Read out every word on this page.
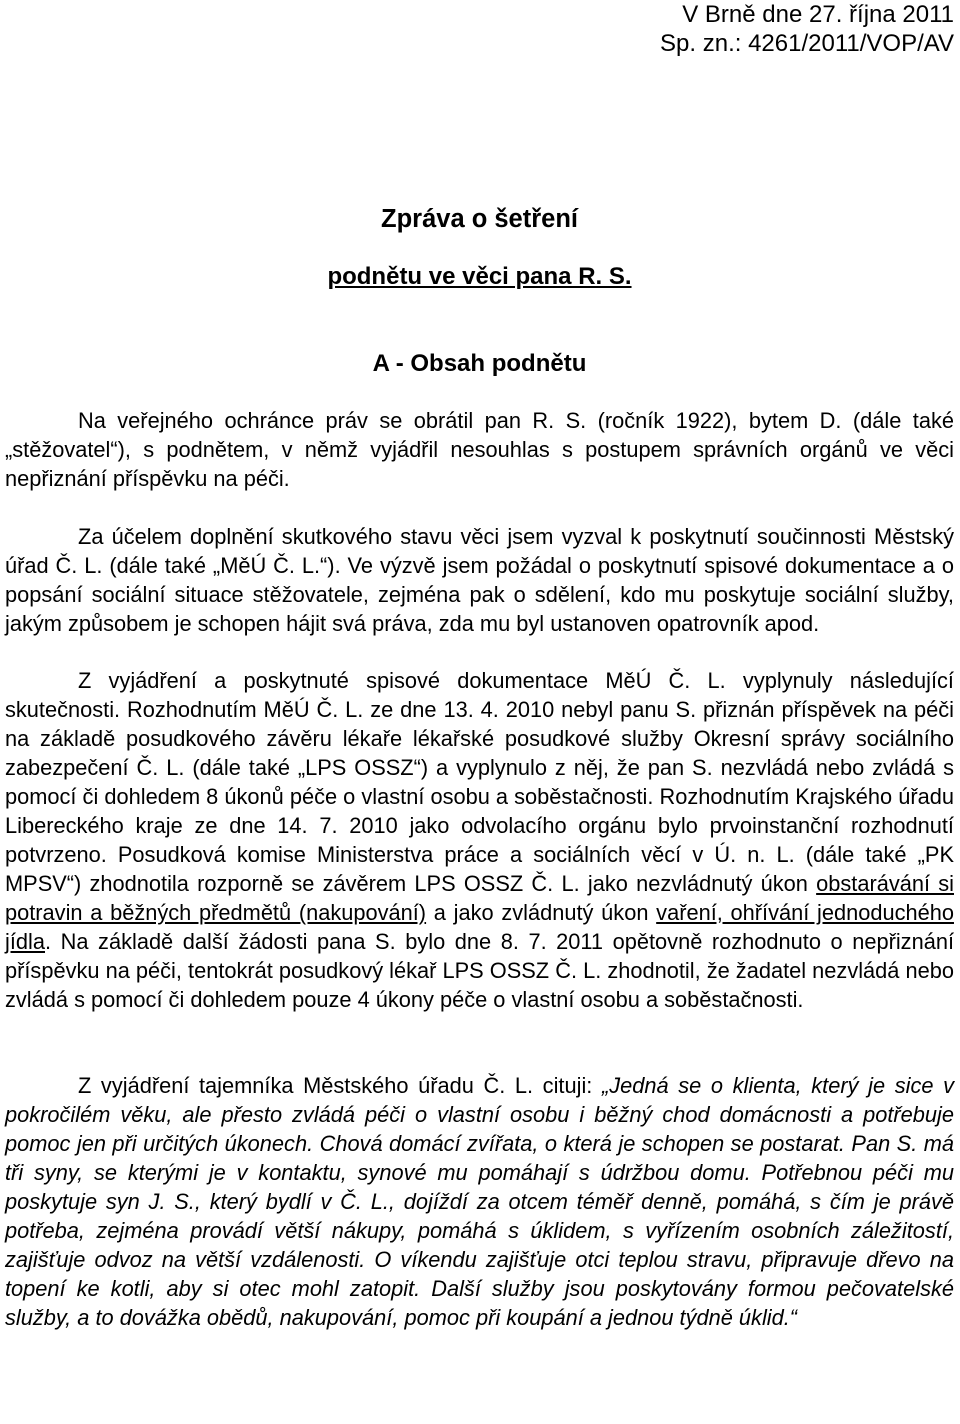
V Brně dne 27. října 2011
Sp. zn.: 4261/2011/VOP/AV
Zpráva o šetření
podnětu ve věci pana R. S.
A - Obsah podnětu

Na veřejného ochránce práv se obrátil pan R. S. (ročník 1922), bytem D. (dále také „stěžovatel“), s podnětem, v němž vyjádřil nesouhlas s postupem správních orgánů ve věci nepřiznání příspěvku na péči.

Za účelem doplnění skutkového stavu věci jsem vyzval k poskytnutí součinnosti Městský úřad Č. L. (dále také „MěÚ Č. L.“). Ve výzvě jsem požádal o poskytnutí spisové dokumentace a o popsání sociální situace stěžovatele, zejména pak o sdělení, kdo mu poskytuje sociální služby, jakým způsobem je schopen hájit svá práva, zda mu byl ustanoven opatrovník apod.

Z vyjádření a poskytnuté spisové dokumentace MěÚ Č. L. vyplynuly následující skutečnosti. Rozhodnutím MěÚ Č. L. ze dne 13. 4. 2010 nebyl panu S. přiznán příspěvek na péči na základě posudkového závěru lékaře lékařské posudkové služby Okresní správy sociálního zabezpečení Č. L. (dále také „LPS OSSZ“) a vyplynulo z něj, že pan S. nezvládá nebo zvládá s pomocí či dohledem 8 úkonů péče o vlastní osobu a soběstačnosti. Rozhodnutím Krajského úřadu Libereckého kraje ze dne 14. 7. 2010 jako odvolacího orgánu bylo prvoinstanční rozhodnutí potvrzeno. Posudková komise Ministerstva práce a sociálních věcí v Ú. n. L. (dále také „PK MPSV“) zhodnotila rozporně se závěrem LPS OSSZ Č. L. jako nezvládnutý úkon obstarávání si potravin a běžných předmětů (nakupování) a jako zvládnutý úkon vaření, ohřívání jednoduchého jídla. Na základě další žádosti pana S. bylo dne 8. 7. 2011 opětovně rozhodnuto o nepřiznání příspěvku na péči, tentokrát posudkový lékař LPS OSSZ Č. L. zhodnotil, že žadatel nezvládá nebo zvládá s pomocí či dohledem pouze 4 úkony péče o vlastní osobu a soběstačnosti.

Z vyjádření tajemníka Městského úřadu Č. L. cituji: „Jedná se o klienta, který je sice v pokročilém věku, ale přesto zvládá péči o vlastní osobu i běžný chod domácnosti a potřebuje pomoc jen při určitých úkonech. Chová domácí zvířata, o která je schopen se postarat. Pan S. má tři syny, se kterými je v kontaktu, synové mu pomáhají s údržbou domu. Potřebnou péči mu poskytuje syn J. S., který bydlí v Č. L., dojíždí za otcem téměř denně, pomáhá, s čím je právě potřeba, zejména provádí větší nákupy, pomáhá s úklidem, s vyřízením osobních záležitostí, zajišťuje odvoz na větší vzdálenosti. O víkendu zajišťuje otci teplou stravu, připravuje dřevo na topení ke kotli, aby si otec mohl zatopit. Další služby jsou poskytovány formou pečovatelské služby, a to dovážka obědů, nakupování, pomoc při koupání a jednou týdně úklid.“
